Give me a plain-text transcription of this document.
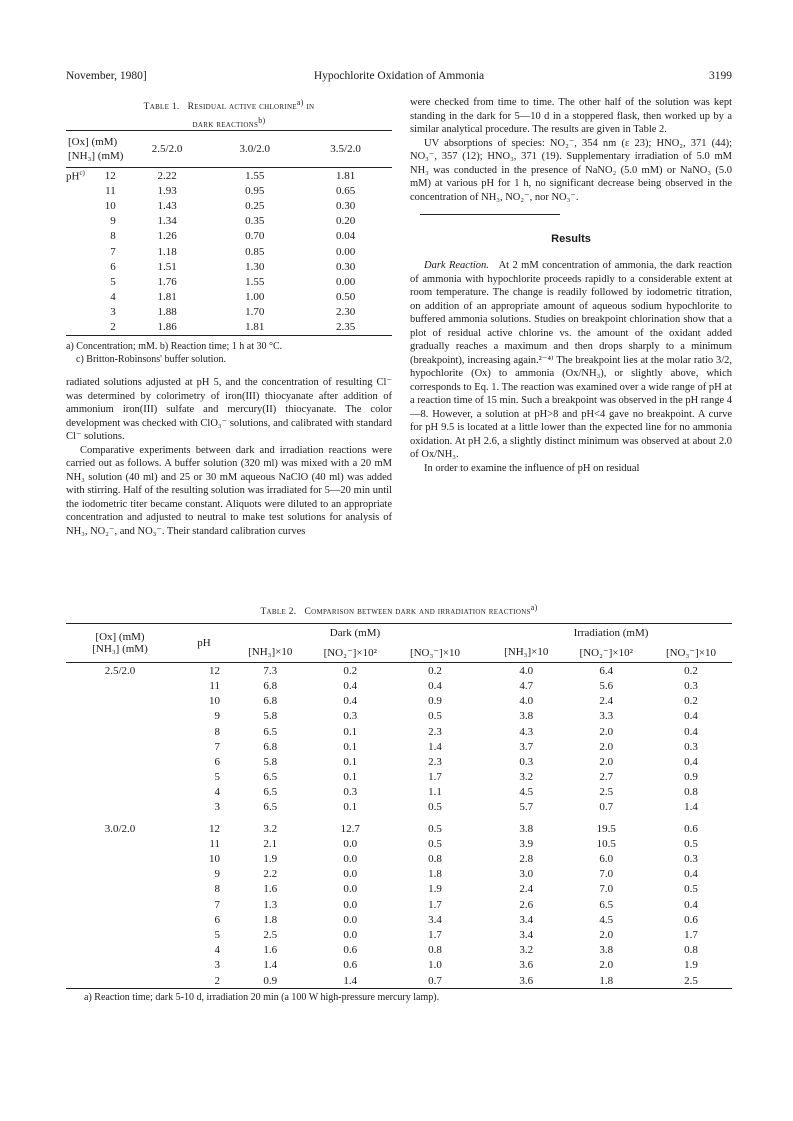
November, 1980]	Hypochlorite Oxidation of Ammonia	3199
Table 1. Residual active chlorine$^{a)}$ in
dark reactions$^{b)}$
[Ox] (mM)
[NH₃] (mM)		2.5/2.0	3.0/2.0	3.5/2.0
$pH^{c)}$	12	2.22	1.55	1.81
	11	1.93	0.95	0.65
	10	1.43	0.25	0.30
	9	1.34	0.35	0.20
	8	1.26	0.70	0.04
	7	1.18	0.85	0.00
	6	1.51	1.30	0.30
	5	1.76	1.55	0.00
	4	1.81	1.00	0.50
	3	1.88	1.70	2.30
	2	1.86	1.81	2.35
a) Concentration; mM. b) Reaction time; 1 h at 30 °C.
c) Britton-Robinsons' buffer solution.

radiated solutions adjusted at pH 5, and the concentration of resulting Cl⁻ was determined by colorimetry of iron(III) thiocyanate after addition of ammonium iron(III) sulfate and mercury(II) thiocyanate. The color development was checked with ClO₃⁻ solutions, and calibrated with standard Cl⁻ solutions.

Comparative experiments between dark and irradiation reactions were carried out as follows. A buffer solution (320 ml) was mixed with a 20 mM NH₃ solution (40 ml) and 25 or 30 mM aqueous NaClO (40 ml) was added with stirring. Half of the resulting solution was irradiated for 5—20 min until the iodometric titer became constant. Aliquots were diluted to an appropriate concentration and adjusted to neutral to make test solutions for analysis of NH₃, NO₂⁻, and NO₃⁻. Their standard calibration curves

were checked from time to time. The other half of the solution was kept standing in the dark for 5—10 d in a stoppered flask, then worked up by a similar analytical procedure. The results are given in Table 2.

UV absorptions of species: NO₂⁻, 354 nm (ε 23); HNO₂, 371 (44); NO₃⁻, 357 (12); HNO₃, 371 (19). Supplementary irradiation of 5.0 mM NH₃ was conducted in the presence of NaNO₂ (5.0 mM) or NaNO₃ (5.0 mM) at various pH for 1 h, no significant decrease being observed in the concentration of NH₃, NO₂⁻, nor NO₃⁻.

Results

Dark Reaction. At 2 mM concentration of ammonia, the dark reaction of ammonia with hypochlorite proceeds rapidly to a considerable extent at room temperature. The change is readily followed by iodometric titration, on addition of an appropriate amount of aqueous sodium hypochlorite to buffered ammonia solutions. Studies on breakpoint chlorination show that a plot of residual active chlorine vs. the amount of the oxidant added gradually reaches a maximum and then drops sharply to a minimum (breakpoint), increasing again.²⁻⁴⁾ The breakpoint lies at the molar ratio 3/2, hypochlorite (Ox) to ammonia (Ox/NH₃), or slightly above, which corresponds to Eq. 1. The reaction was examined over a wide range of pH at a reaction time of 15 min. Such a breakpoint was observed in the pH range 4—8. However, a solution at pH>8 and pH<4 gave no breakpoint. A curve for pH 9.5 is located at a little lower than the expected line for no ammonia oxidation. At pH 2.6, a slightly distinct minimum was observed at about 2.0 of Ox/NH₃.

In order to examine the influence of pH on residual

Table 2. Comparison between dark and irradiation reactions$^{a)}$
[Ox] (mM)
[NH₃] (mM)	pH	Dark (mM)				Irradiation (mM)		
		[NH₃]×10	[NO₂⁻]×10²	[NO₃⁻]×10		[NH₃]×10	[NO₂⁻]×10²	[NO₃⁻]×10
2.5/2.0	12	7.3	0.2	0.2		4.0	6.4	0.2
	11	6.8	0.4	0.4		4.7	5.6	0.3
	10	6.8	0.4	0.9		4.0	2.4	0.2
	9	5.8	0.3	0.5		3.8	3.3	0.4
	8	6.5	0.1	2.3		4.3	2.0	0.4
	7	6.8	0.1	1.4		3.7	2.0	0.3
	6	5.8	0.1	2.3		0.3	2.0	0.4
	5	6.5	0.1	1.7		3.2	2.7	0.9
	4	6.5	0.3	1.1		4.5	2.5	0.8
	3	6.5	0.1	0.5		5.7	0.7	1.4

3.0/2.0	12	3.2	12.7	0.5		3.8	19.5	0.6
	11	2.1	0.0	0.5		3.9	10.5	0.5
	10	1.9	0.0	0.8		2.8	6.0	0.3
	9	2.2	0.0	1.8		3.0	7.0	0.4
	8	1.6	0.0	1.9		2.4	7.0	0.5
	7	1.3	0.0	1.7		2.6	6.5	0.4
	6	1.8	0.0	3.4		3.4	4.5	0.6
	5	2.5	0.0	1.7		3.4	2.0	1.7
	4	1.6	0.6	0.8		3.2	3.8	0.8
	3	1.4	0.6	1.0		3.6	2.0	1.9
	2	0.9	1.4	0.7		3.6	1.8	2.5
a) Reaction time; dark 5-10 d, irradiation 20 min (a 100 W high-pressure mercury lamp).
